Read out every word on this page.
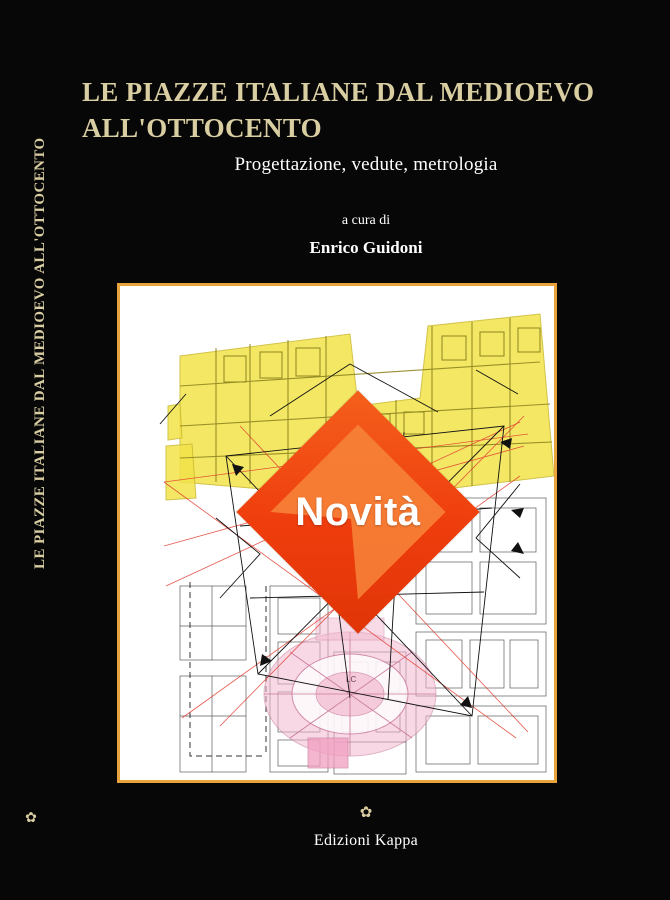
LE PIAZZE ITALIANE DAL MEDIOEVO ALL'OTTOCENTO
✿
LE PIAZZE ITALIANE DAL MEDIOEVO ALL'OTTOCENTO
Progettazione, vedute, metrologia
a cura di
Enrico Guidoni
LC
Novità
✿
Edizioni Kappa
